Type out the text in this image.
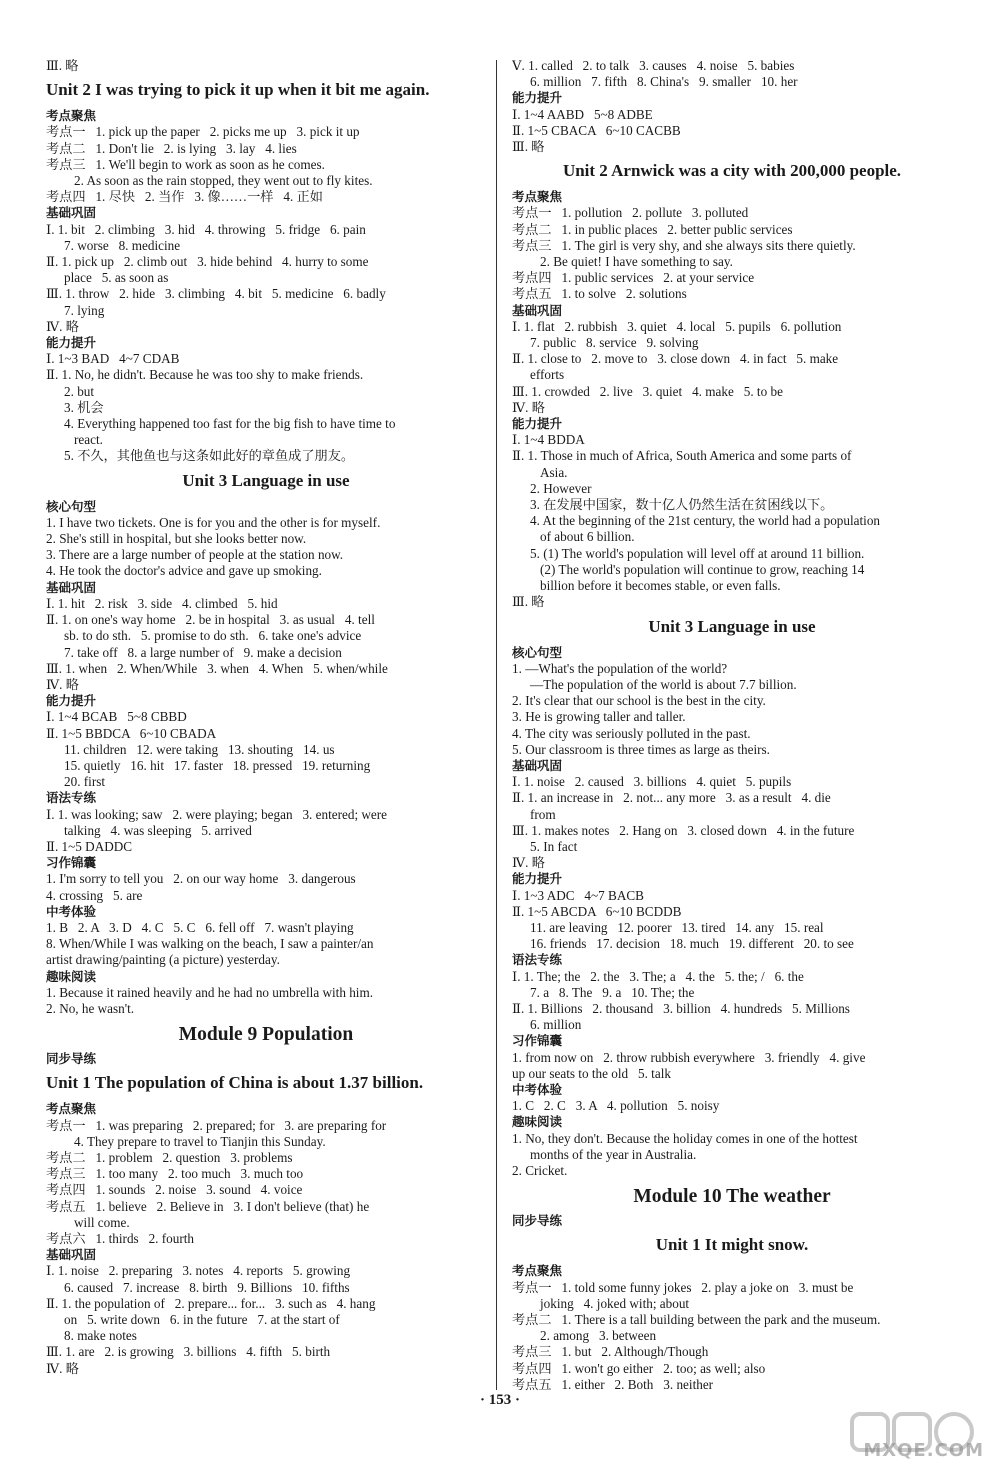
Ⅲ. 略
Unit 2 I was trying to pick it up when it bit me again.
考点聚焦
考点一   1. pick up the paper   2. picks me up   3. pick it up
考点二   1. Don't lie   2. is lying   3. lay   4. lies
考点三   1. We'll begin to work as soon as he comes.
2. As soon as the rain stopped, they went out to fly kites.
考点四   1. 尽快   2. 当作   3. 像……一样   4. 正如
基础巩固
Ⅰ. 1. bit   2. climbing   3. hid   4. throwing   5. fridge   6. pain
7. worse   8. medicine
Ⅱ. 1. pick up   2. climb out   3. hide behind   4. hurry to some
place   5. as soon as
Ⅲ. 1. throw   2. hide   3. climbing   4. bit   5. medicine   6. badly
7. lying
Ⅳ. 略
能力提升
Ⅰ. 1~3 BAD   4~7 CDAB
Ⅱ. 1. No, he didn't. Because he was too shy to make friends.
2. but
3. 机会
4. Everything happened too fast for the big fish to have time to
react.
5. 不久，其他鱼也与这条如此好的章鱼成了朋友。
Unit 3 Language in use
核心句型
1. I have two tickets. One is for you and the other is for myself.
2. She's still in hospital, but she looks better now.
3. There are a large number of people at the station now.
4. He took the doctor's advice and gave up smoking.
基础巩固
Ⅰ. 1. hit   2. risk   3. side   4. climbed   5. hid
Ⅱ. 1. on one's way home   2. be in hospital   3. as usual   4. tell
sb. to do sth.   5. promise to do sth.   6. take one's advice
7. take off   8. a large number of   9. make a decision
Ⅲ. 1. when   2. When/While   3. when   4. When   5. when/while
Ⅳ. 略
能力提升
Ⅰ. 1~4 BCAB   5~8 CBBD
Ⅱ. 1~5 BBDCA   6~10 CBADA
11. children   12. were taking   13. shouting   14. us
15. quietly   16. hit   17. faster   18. pressed   19. returning
20. first
语法专练
Ⅰ. 1. was looking; saw   2. were playing; began   3. entered; were
talking   4. was sleeping   5. arrived
Ⅱ. 1~5 DADDC
习作锦囊
1. I'm sorry to tell you   2. on our way home   3. dangerous
4. crossing   5. are
中考体验
1. B   2. A   3. D   4. C   5. C   6. fell off   7. wasn't playing
8. When/While I was walking on the beach, I saw a painter/an
artist drawing/painting (a picture) yesterday.
趣味阅读
1. Because it rained heavily and he had no umbrella with him.
2. No, he wasn't.
Module 9 Population
同步导练
Unit 1 The population of China is about 1.37 billion.
考点聚焦
考点一   1. was preparing   2. prepared; for   3. are preparing for
4. They prepare to travel to Tianjin this Sunday.
考点二   1. problem   2. question   3. problems
考点三   1. too many   2. too much   3. much too
考点四   1. sounds   2. noise   3. sound   4. voice
考点五   1. believe   2. Believe in   3. I don't believe (that) he
will come.
考点六   1. thirds   2. fourth
基础巩固
Ⅰ. 1. noise   2. preparing   3. notes   4. reports   5. growing
6. caused   7. increase   8. birth   9. Billions   10. fifths
Ⅱ. 1. the population of   2. prepare... for...   3. such as   4. hang
on   5. write down   6. in the future   7. at the start of
8. make notes
Ⅲ. 1. are   2. is growing   3. billions   4. fifth   5. birth
Ⅳ. 略
Ⅴ. 1. called   2. to talk   3. causes   4. noise   5. babies
6. million   7. fifth   8. China's   9. smaller   10. her
能力提升
Ⅰ. 1~4 AABD   5~8 ADBE
Ⅱ. 1~5 CBACA   6~10 CACBB
Ⅲ. 略
Unit 2 Arnwick was a city with 200,000 people.
考点聚焦
考点一   1. pollution   2. pollute   3. polluted
考点二   1. in public places   2. better public services
考点三   1. The girl is very shy, and she always sits there quietly.
2. Be quiet! I have something to say.
考点四   1. public services   2. at your service
考点五   1. to solve   2. solutions
基础巩固
Ⅰ. 1. flat   2. rubbish   3. quiet   4. local   5. pupils   6. pollution
7. public   8. service   9. solving
Ⅱ. 1. close to   2. move to   3. close down   4. in fact   5. make
efforts
Ⅲ. 1. crowded   2. live   3. quiet   4. make   5. to be
Ⅳ. 略
能力提升
Ⅰ. 1~4 BDDA
Ⅱ. 1. Those in much of Africa, South America and some parts of
Asia.
2. However
3. 在发展中国家，数十亿人仍然生活在贫困线以下。
4. At the beginning of the 21st century, the world had a population
of about 6 billion.
5. (1) The world's population will level off at around 11 billion.
(2) The world's population will continue to grow, reaching 14
billion before it becomes stable, or even falls.
Ⅲ. 略
Unit 3 Language in use
核心句型
1. —What's the population of the world?
—The population of the world is about 7.7 billion.
2. It's clear that our school is the best in the city.
3. He is growing taller and taller.
4. The city was seriously polluted in the past.
5. Our classroom is three times as large as theirs.
基础巩固
Ⅰ. 1. noise   2. caused   3. billions   4. quiet   5. pupils
Ⅱ. 1. an increase in   2. not... any more   3. as a result   4. die
from
Ⅲ. 1. makes notes   2. Hang on   3. closed down   4. in the future
5. In fact
Ⅳ. 略
能力提升
Ⅰ. 1~3 ADC   4~7 BACB
Ⅱ. 1~5 ABCDA   6~10 BCDDB
11. are leaving   12. poorer   13. tired   14. any   15. real
16. friends   17. decision   18. much   19. different   20. to see
语法专练
Ⅰ. 1. The; the   2. the   3. The; a   4. the   5. the; /   6. the
7. a   8. The   9. a   10. The; the
Ⅱ. 1. Billions   2. thousand   3. billion   4. hundreds   5. Millions
6. million
习作锦囊
1. from now on   2. throw rubbish everywhere   3. friendly   4. give
up our seats to the old   5. talk
中考体验
1. C   2. C   3. A   4. pollution   5. noisy
趣味阅读
1. No, they don't. Because the holiday comes in one of the hottest
months of the year in Australia.
2. Cricket.
Module 10 The weather
同步导练
Unit 1 It might snow.
考点聚焦
考点一   1. told some funny jokes   2. play a joke on   3. must be
joking   4. joked with; about
考点二   1. There is a tall building between the park and the museum.
2. among   3. between
考点三   1. but   2. Although/Though
考点四   1. won't go either   2. too; as well; also
考点五   1. either   2. Both   3. neither
· 153 ·
MXQE.COM
